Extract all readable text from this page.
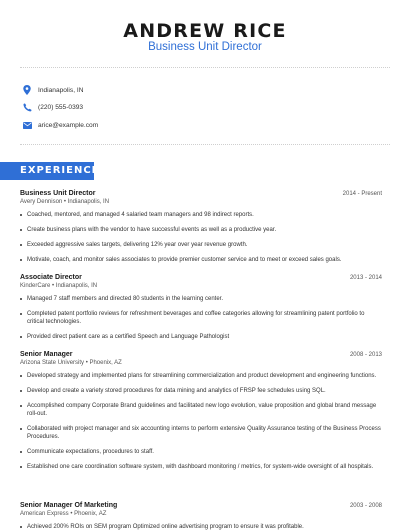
ANDREW RICE
Business Unit Director
Indianapolis, IN
(220) 555-0393
arice@example.com
EXPERIENCE
Business Unit Director	2014 - Present
Avery Dennison • Indianapolis, IN
Coached, mentored, and managed 4 salaried team managers and 98 indirect reports.
Create business plans with the vendor to have successful events as well as a productive year.
Exceeded aggressive sales targets, delivering 12% year over year revenue growth.
Motivate, coach, and monitor sales associates to provide premier customer service and to meet or exceed sales goals.
Associate Director	2013 - 2014
KinderCare • Indianapolis, IN
Managed 7 staff members and directed 80 students in the learning center.
Completed patent portfolio reviews for refreshment beverages and coffee categories allowing for streamlining patent portfolio to critical technologies.
Provided direct patient care as a certified Speech and Language Pathologist
Senior Manager	2008 - 2013
Arizona State University • Phoenix, AZ
Developed strategy and implemented plans for streamlining commercialization and product development and engineering functions.
Develop and create a variety stored procedures for data mining and analytics of FRSP fee schedules using SQL.
Accomplished company Corporate Brand guidelines and facilitated new logo evolution, value proposition and global brand message roll-out.
Collaborated with project manager and six accounting interns to perform extensive Quality Assurance testing of the Business Process Procedures.
Communicate expectations, procedures to staff.
Established one care coordination software system, with dashboard monitoring / metrics, for system-wide oversight of all hospitals.
Senior Manager Of Marketing	2003 - 2008
American Express • Phoenix, AZ
Achieved 200% ROIs on SEM program Optimized online advertising program to ensure it was profitable.
